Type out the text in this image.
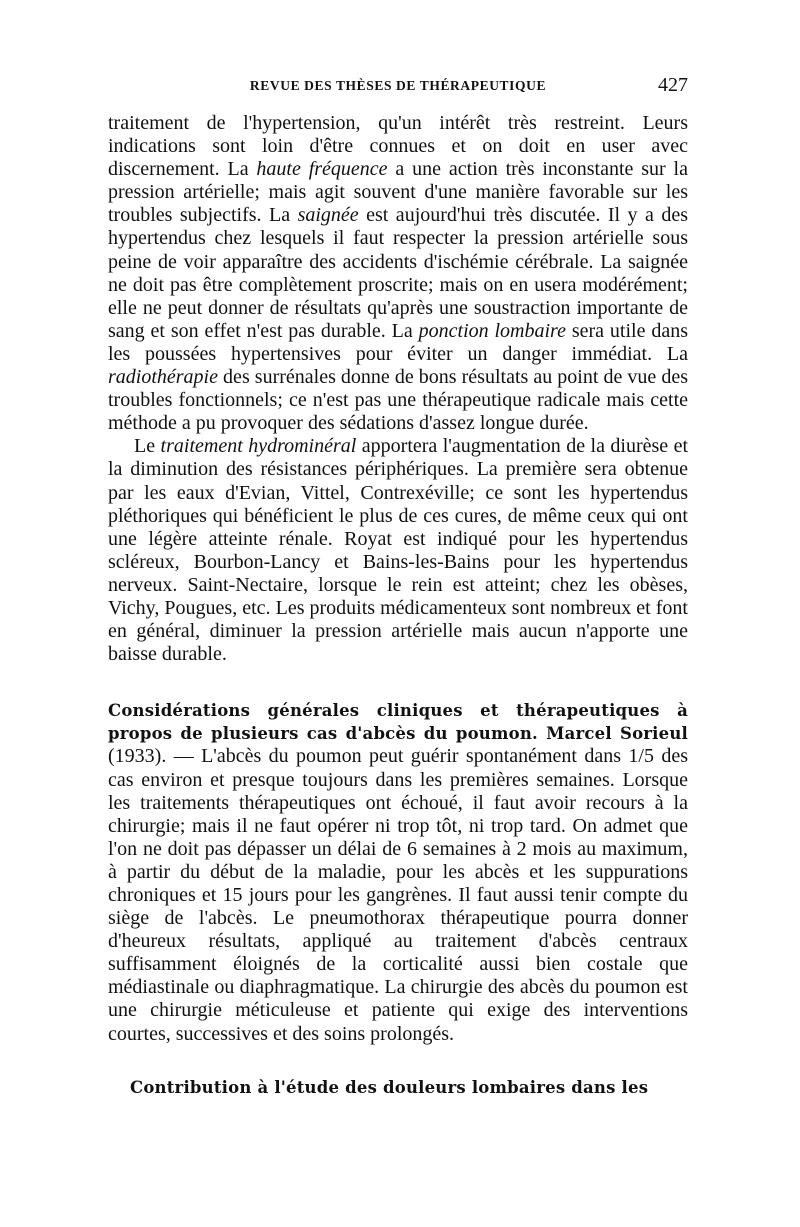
REVUE DES THÈSES DE THÉRAPEUTIQUE	427

traitement de l'hypertension, qu'un intérêt très restreint. Leurs indications sont loin d'être connues et on doit en user avec discernement. La haute fréquence a une action très inconstante sur la pression artérielle; mais agit souvent d'une manière favorable sur les troubles subjectifs. La saignée est aujourd'hui très discutée. Il y a des hypertendus chez lesquels il faut respecter la pression artérielle sous peine de voir apparaître des accidents d'ischémie cérébrale. La saignée ne doit pas être complètement proscrite; mais on en usera modérément; elle ne peut donner de résultats qu'après une soustraction importante de sang et son effet n'est pas durable. La ponction lombaire sera utile dans les poussées hypertensives pour éviter un danger immédiat. La radiothérapie des surrénales donne de bons résultats au point de vue des troubles fonctionnels; ce n'est pas une thérapeutique radicale mais cette méthode a pu provoquer des sédations d'assez longue durée.

Le traitement hydrominéral apportera l'augmentation de la diurèse et la diminution des résistances périphériques. La première sera obtenue par les eaux d'Evian, Vittel, Contrexéville; ce sont les hypertendus pléthoriques qui bénéficient le plus de ces cures, de même ceux qui ont une légère atteinte rénale. Royat est indiqué pour les hypertendus scléreux, Bourbon-Lancy et Bains-les-Bains pour les hypertendus nerveux. Saint-Nectaire, lorsque le rein est atteint; chez les obèses, Vichy, Pougues, etc. Les produits médicamenteux sont nombreux et font en général, diminuer la pression artérielle mais aucun n'apporte une baisse durable.

Considérations générales cliniques et thérapeutiques à propos de plusieurs cas d'abcès du poumon. Marcel Sorieul (1933). — L'abcès du poumon peut guérir spontanément dans 1/5 des cas environ et presque toujours dans les premières semaines. Lorsque les traitements thérapeutiques ont échoué, il faut avoir recours à la chirurgie; mais il ne faut opérer ni trop tôt, ni trop tard. On admet que l'on ne doit pas dépasser un délai de 6 semaines à 2 mois au maximum, à partir du début de la maladie, pour les abcès et les suppurations chroniques et 15 jours pour les gangrènes. Il faut aussi tenir compte du siège de l'abcès. Le pneumothorax thérapeutique pourra donner d'heureux résultats, appliqué au traitement d'abcès centraux suffisamment éloignés de la corticalité aussi bien costale que médiastinale ou diaphragmatique. La chirurgie des abcès du poumon est une chirurgie méticuleuse et patiente qui exige des interventions courtes, successives et des soins prolongés.

Contribution à l'étude des douleurs lombaires dans les
